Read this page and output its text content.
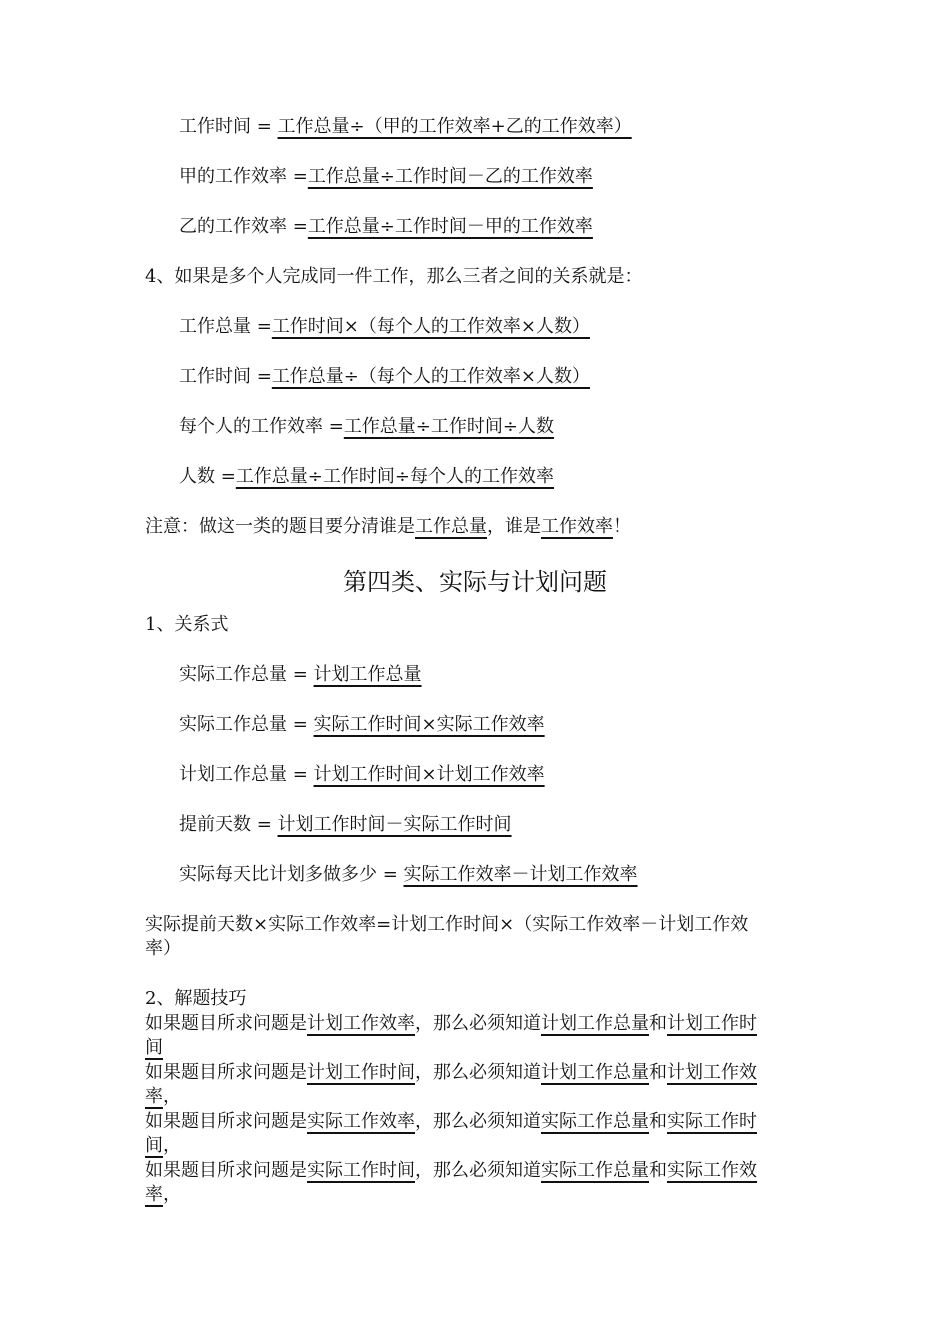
工作时间 = 工作总量÷（甲的工作效率+乙的工作效率）
甲的工作效率 =工作总量÷工作时间－乙的工作效率
乙的工作效率 =工作总量÷工作时间－甲的工作效率
4、如果是多个人完成同一件工作，那么三者之间的关系就是：
工作总量 =工作时间×（每个人的工作效率×人数）
工作时间 =工作总量÷（每个人的工作效率×人数）
每个人的工作效率 =工作总量÷工作时间÷人数
人数 =工作总量÷工作时间÷每个人的工作效率
注意：做这一类的题目要分清谁是工作总量，谁是工作效率！
第四类、实际与计划问题
1、关系式
实际工作总量 = 计划工作总量
实际工作总量 = 实际工作时间×实际工作效率
计划工作总量 = 计划工作时间×计划工作效率
提前天数 = 计划工作时间－实际工作时间
实际每天比计划多做多少 = 实际工作效率－计划工作效率
实际提前天数×实际工作效率=计划工作时间×（实际工作效率－计划工作效
率）
2、解题技巧
如果题目所求问题是计划工作效率，那么必须知道计划工作总量和计划工作时
间
如果题目所求问题是计划工作时间，那么必须知道计划工作总量和计划工作效
率，
如果题目所求问题是实际工作效率，那么必须知道实际工作总量和实际工作时
间，
如果题目所求问题是实际工作时间，那么必须知道实际工作总量和实际工作效
率，
